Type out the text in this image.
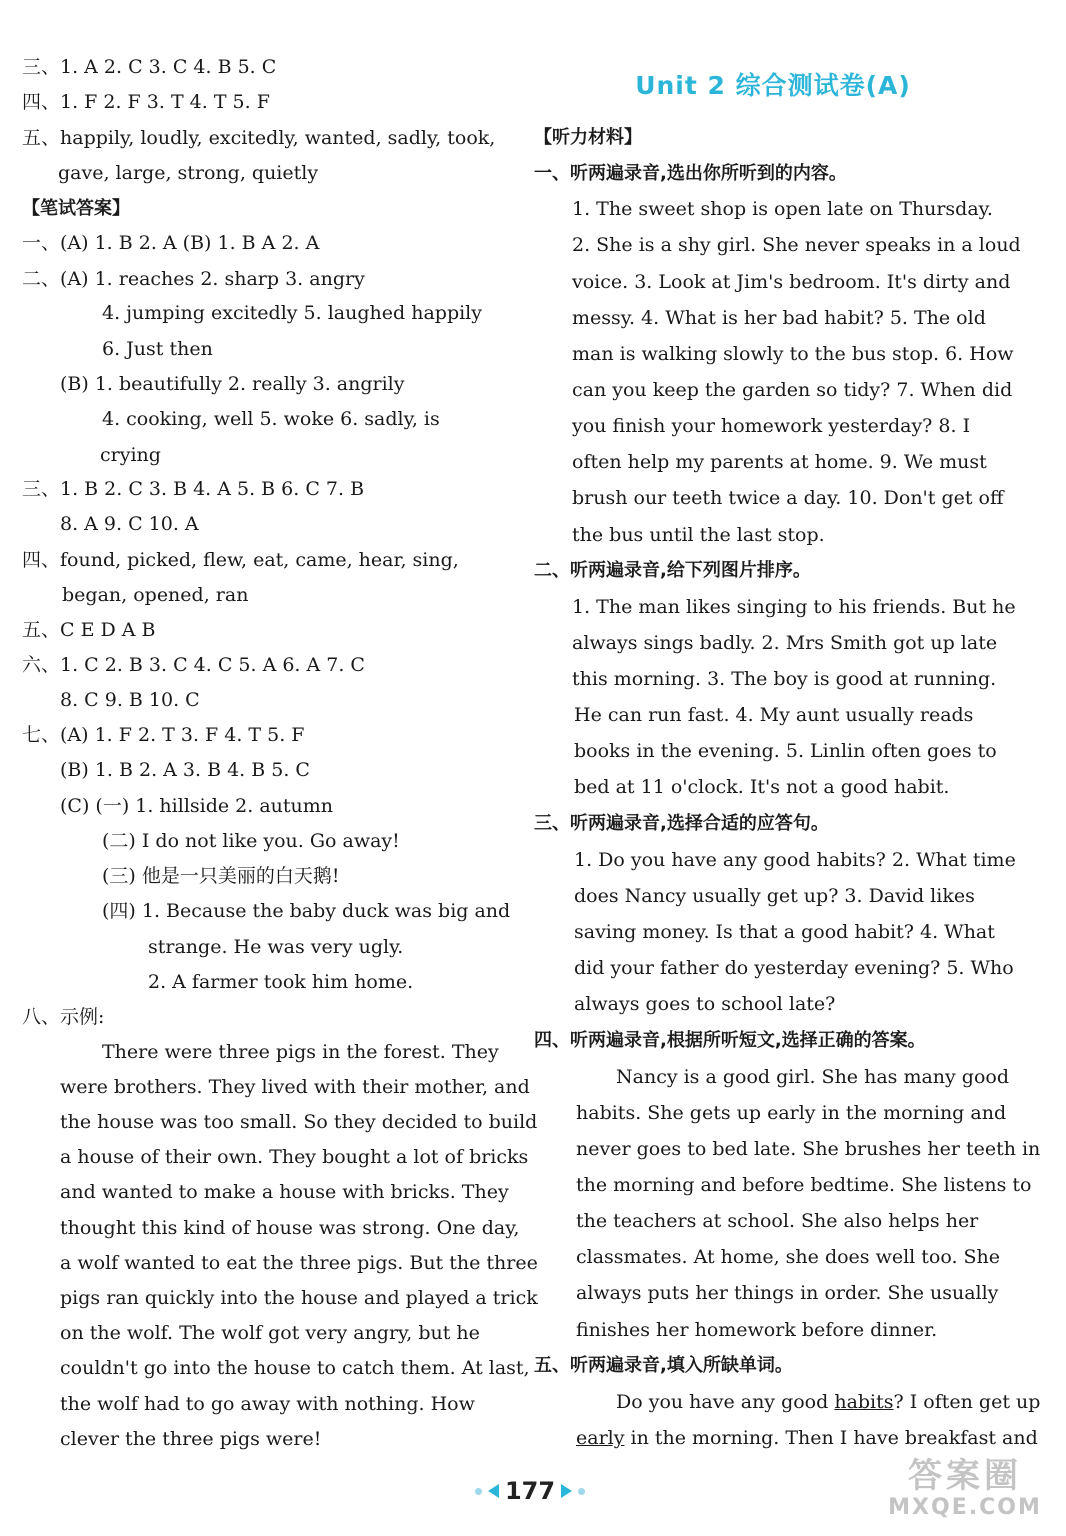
三、1. A 2. C 3. C 4. B 5. C
四、1. F 2. F 3. T 4. T 5. F
五、happily, loudly, excitedly, wanted, sadly, took,
gave, large, strong, quietly
【笔试答案】
一、(A) 1. B 2. A (B) 1. B A 2. A
二、(A) 1. reaches 2. sharp 3. angry
4. jumping excitedly 5. laughed happily
6. Just then
(B) 1. beautifully 2. really 3. angrily
4. cooking, well 5. woke 6. sadly, is
crying
三、1. B 2. C 3. B 4. A 5. B 6. C 7. B
8. A 9. C 10. A
四、found, picked, flew, eat, came, hear, sing,
began, opened, ran
五、C E D A B
六、1. C 2. B 3. C 4. C 5. A 6. A 7. C
8. C 9. B 10. C
七、(A) 1. F 2. T 3. F 4. T 5. F
(B) 1. B 2. A 3. B 4. B 5. C
(C) (一) 1. hillside 2. autumn
(二) I do not like you. Go away!
(三) 他是一只美丽的白天鹅!
(四) 1. Because the baby duck was big and
strange. He was very ugly.
2. A farmer took him home.
八、示例:
There were three pigs in the forest. They
were brothers. They lived with their mother, and
the house was too small. So they decided to build
a house of their own. They bought a lot of bricks
and wanted to make a house with bricks. They
thought this kind of house was strong. One day,
a wolf wanted to eat the three pigs. But the three
pigs ran quickly into the house and played a trick
on the wolf. The wolf got very angry, but he
couldn't go into the house to catch them. At last,
the wolf had to go away with nothing. How
clever the three pigs were!
Unit 2 综合测试卷(A)
【听力材料】
一、听两遍录音,选出你所听到的内容。
1. The sweet shop is open late on Thursday.
2. She is a shy girl. She never speaks in a loud
voice. 3. Look at Jim's bedroom. It's dirty and
messy. 4. What is her bad habit? 5. The old
man is walking slowly to the bus stop. 6. How
can you keep the garden so tidy? 7. When did
you finish your homework yesterday? 8. I
often help my parents at home. 9. We must
brush our teeth twice a day. 10. Don't get off
the bus until the last stop.
二、听两遍录音,给下列图片排序。
1. The man likes singing to his friends. But he
always sings badly. 2. Mrs Smith got up late
this morning. 3. The boy is good at running.
He can run fast. 4. My aunt usually reads
books in the evening. 5. Linlin often goes to
bed at 11 o'clock. It's not a good habit.
三、听两遍录音,选择合适的应答句。
1. Do you have any good habits? 2. What time
does Nancy usually get up? 3. David likes
saving money. Is that a good habit? 4. What
did your father do yesterday evening? 5. Who
always goes to school late?
四、听两遍录音,根据所听短文,选择正确的答案。
Nancy is a good girl. She has many good
habits. She gets up early in the morning and
never goes to bed late. She brushes her teeth in
the morning and before bedtime. She listens to
the teachers at school. She also helps her
classmates. At home, she does well too. She
always puts her things in order. She usually
finishes her homework before dinner.
五、听两遍录音,填入所缺单词。
Do you have any good habits? I often get up
early in the morning. Then I have breakfast and
177	答案圈
MXQE.COM
